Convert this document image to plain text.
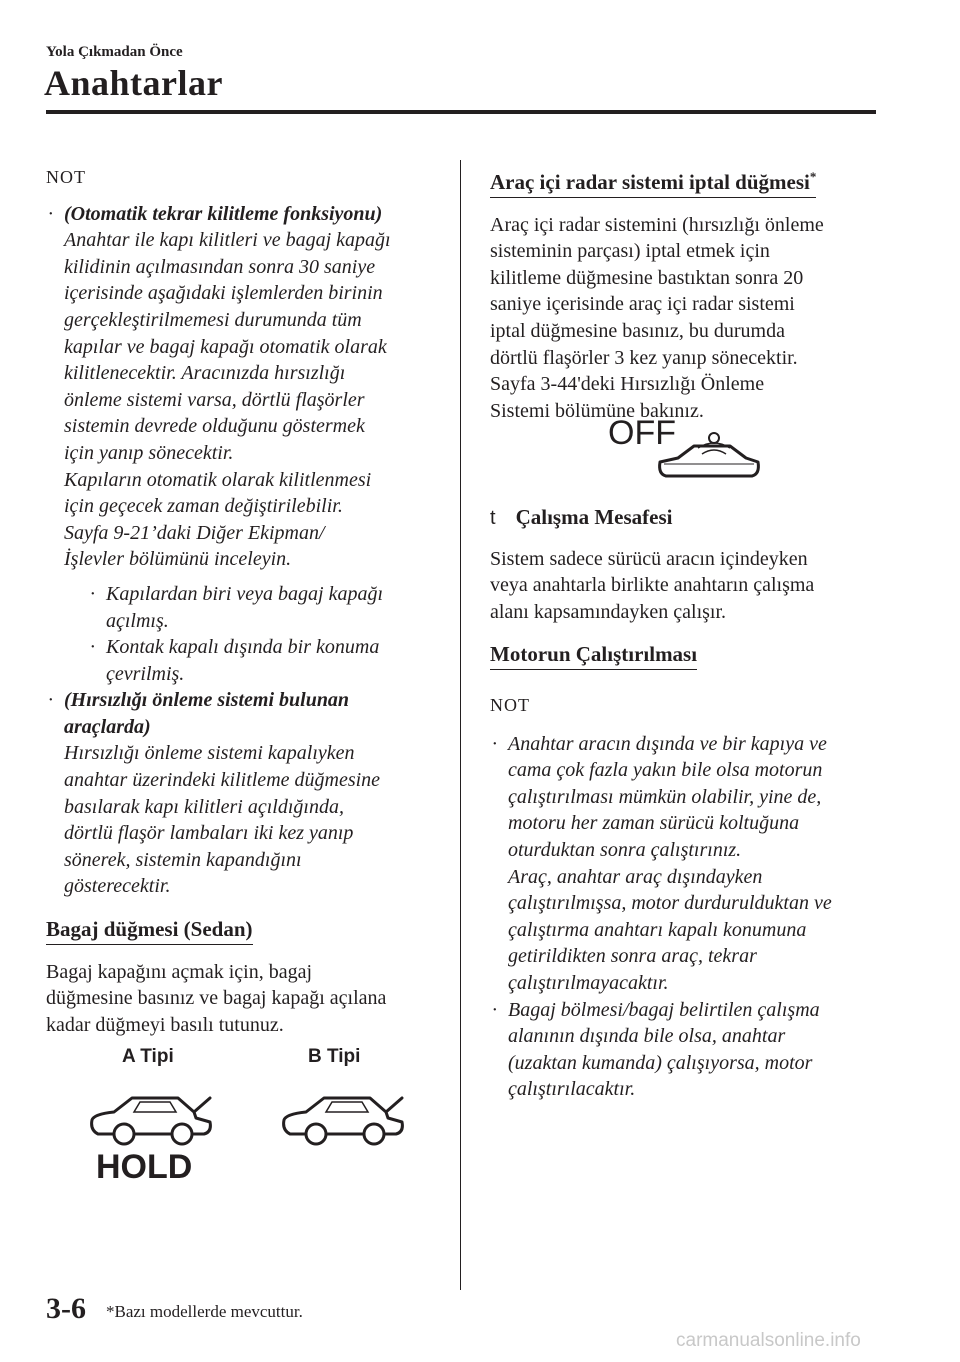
Yola Çıkmadan Önce
Anahtarlar

NOT

· (Otomatik tekrar kilitleme fonksiyonu)

Anahtar ile kapı kilitleri ve bagaj kapağı

kilidinin açılmasından sonra 30 saniye

içerisinde aşağıdaki işlemlerden birinin

gerçekleştirilmemesi durumunda tüm

kapılar ve bagaj kapağı otomatik olarak

kilitlenecektir. Aracınızda hırsızlığı

önleme sistemi varsa, dörtlü flaşörler

sistemin devrede olduğunu göstermek

için yanıp sönecektir.

Kapıların otomatik olarak kilitlenmesi

için geçecek zaman değiştirilebilir.

Sayfa 9-21’daki Diğer Ekipman/

İşlevler bölümünü inceleyin.

· Kapılardan biri veya bagaj kapağı

açılmış.

· Kontak kapalı dışında bir konuma

çevrilmiş.

· (Hırsızlığı önleme sistemi bulunan

araçlarda)

Hırsızlığı önleme sistemi kapalıyken

anahtar üzerindeki kilitleme düğmesine

basılarak kapı kilitleri açıldığında,

dörtlü flaşör lambaları iki kez yanıp

sönerek, sistemin kapandığını

gösterecektir.

Bagaj düğmesi (Sedan)

Bagaj kapağını açmak için, bagaj

düğmesine basınız ve bagaj kapağı açılana

kadar düğmeyi basılı tutunuz.

A Tipi	B Tipi
HOLD
Araç içi radar sistemi iptal düğmesi*

Araç içi radar sistemini (hırsızlığı önleme

sisteminin parçası) iptal etmek için

kilitleme düğmesine bastıktan sonra 20

saniye içerisinde araç içi radar sistemi

iptal düğmesine basınız, bu durumda

dörtlü flaşörler 3 kez yanıp sönecektir.

Sayfa 3-44'deki Hırsızlığı Önleme

Sistemi bölümüne bakınız.

OFF
t Çalışma Mesafesi

Sistem sadece sürücü aracın içindeyken

veya anahtarla birlikte anahtarın çalışma

alanı kapsamındayken çalışır.

Motorun Çalıştırılması

NOT

· Anahtar aracın dışında ve bir kapıya ve

cama çok fazla yakın bile olsa motorun

çalıştırılması mümkün olabilir, yine de,

motoru her zaman sürücü koltuğuna

oturduktan sonra çalıştırınız.

Araç, anahtar araç dışındayken

çalıştırılmışsa, motor durdurulduktan ve

çalıştırma anahtarı kapalı konumuna

getirildikten sonra araç, tekrar

çalıştırılmayacaktır.

· Bagaj bölmesi/bagaj belirtilen çalışma

alanının dışında bile olsa, anahtar

(uzaktan kumanda) çalışıyorsa, motor

çalıştırılacaktır.

3-6 *Bazı modellerde mevcuttur.
carmanualsonline.info
